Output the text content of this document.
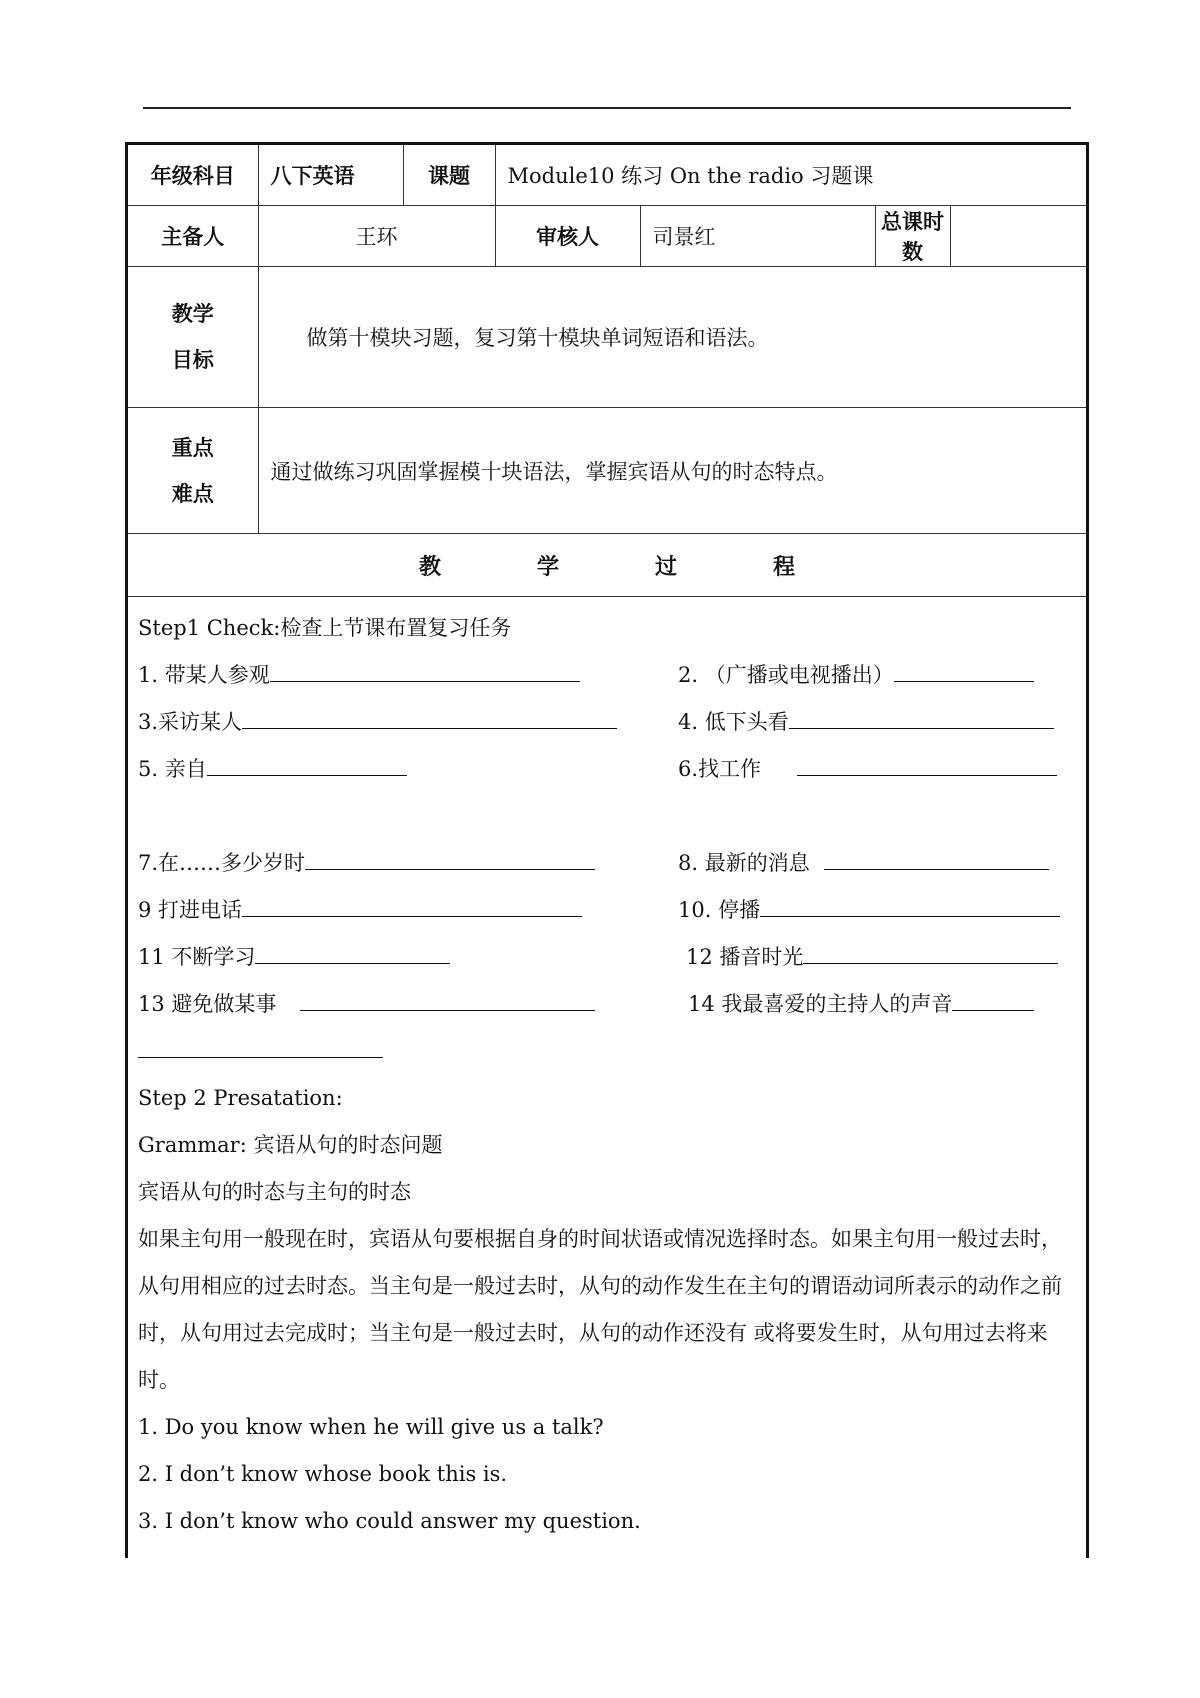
年级科目	八下英语	课题	Module10 练习 On the radio 习题课			
主备人	王环		审核人	司景红	总课时数	

教学
目标	做第十模块习题，复习第十模块单词短语和语法。					

重点
难点	通过做练习巩固掌握模十块语法，掌握宾语从句的时态特点。					

教 学 过 程						
Step1 Check:检查上节课布置复习任务
1. 带某人参观	2. （广播或电视播出）
3.采访某人	4. 低下头看
5. 亲自	6.找工作
7.在……多少岁时	8. 最新的消息
9 打进电话	10. 停播
11 不断学习	12 播音时光
13 避免做某事	14 我最喜爱的主持人的声音
Step 2 Presatation:
Grammar: 宾语从句的时态问题
宾语从句的时态与主句的时态
如果主句用一般现在时，宾语从句要根据自身的时间状语或情况选择时态。如果主句用一般过去时，从句用相应的过去时态。当主句是一般过去时，从句的动作发生在主句的谓语动词所表示的动作之前时，从句用过去完成时；当主句是一般过去时，从句的动作还没有 或将要发生时，从句用过去将来时。
1. Do you know when he will give us a talk?
2. I don’t know whose book this is.
3. I don’t know who could answer my question.
